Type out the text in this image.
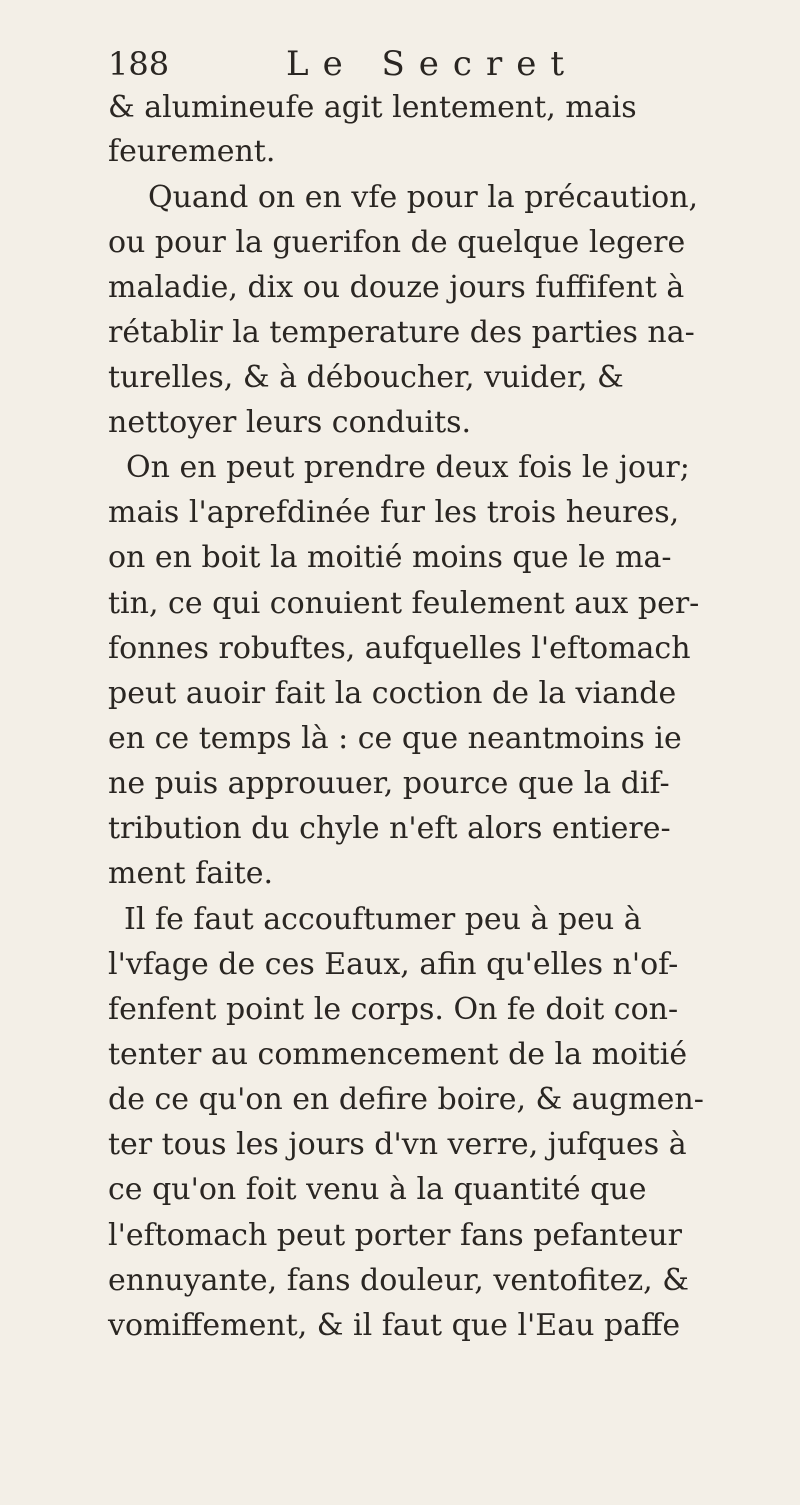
188	Le Secret
& alumineufe agit lentement, mais
feurement.
Quand on en vfe pour la précaution,
ou pour la guerifon de quelque legere
maladie, dix ou douze jours fuffifent à
rétablir la temperature des parties na-
turelles, & à déboucher, vuider, &
nettoyer leurs conduits.
On en peut prendre deux fois le jour;
mais l'aprefdinée fur les trois heures,
on en boit la moitié moins que le ma-
tin, ce qui conuient feulement aux per-
fonnes robuftes, aufquelles l'eftomach
peut auoir fait la coction de la viande
en ce temps là : ce que neantmoins ie
ne puis approuuer, pource que la dif-
tribution du chyle n'eft alors entiere-
ment faite.
Il fe faut accouftumer peu à peu à
l'vfage de ces Eaux, afin qu'elles n'of-
fenfent point le corps. On fe doit con-
tenter au commencement de la moitié
de ce qu'on en defire boire, & augmen-
ter tous les jours d'vn verre, jufques à
ce qu'on foit venu à la quantité que
l'eftomach peut porter fans pefanteur
ennuyante, fans douleur, ventofitez, &
vomiffement, & il faut que l'Eau paffe
